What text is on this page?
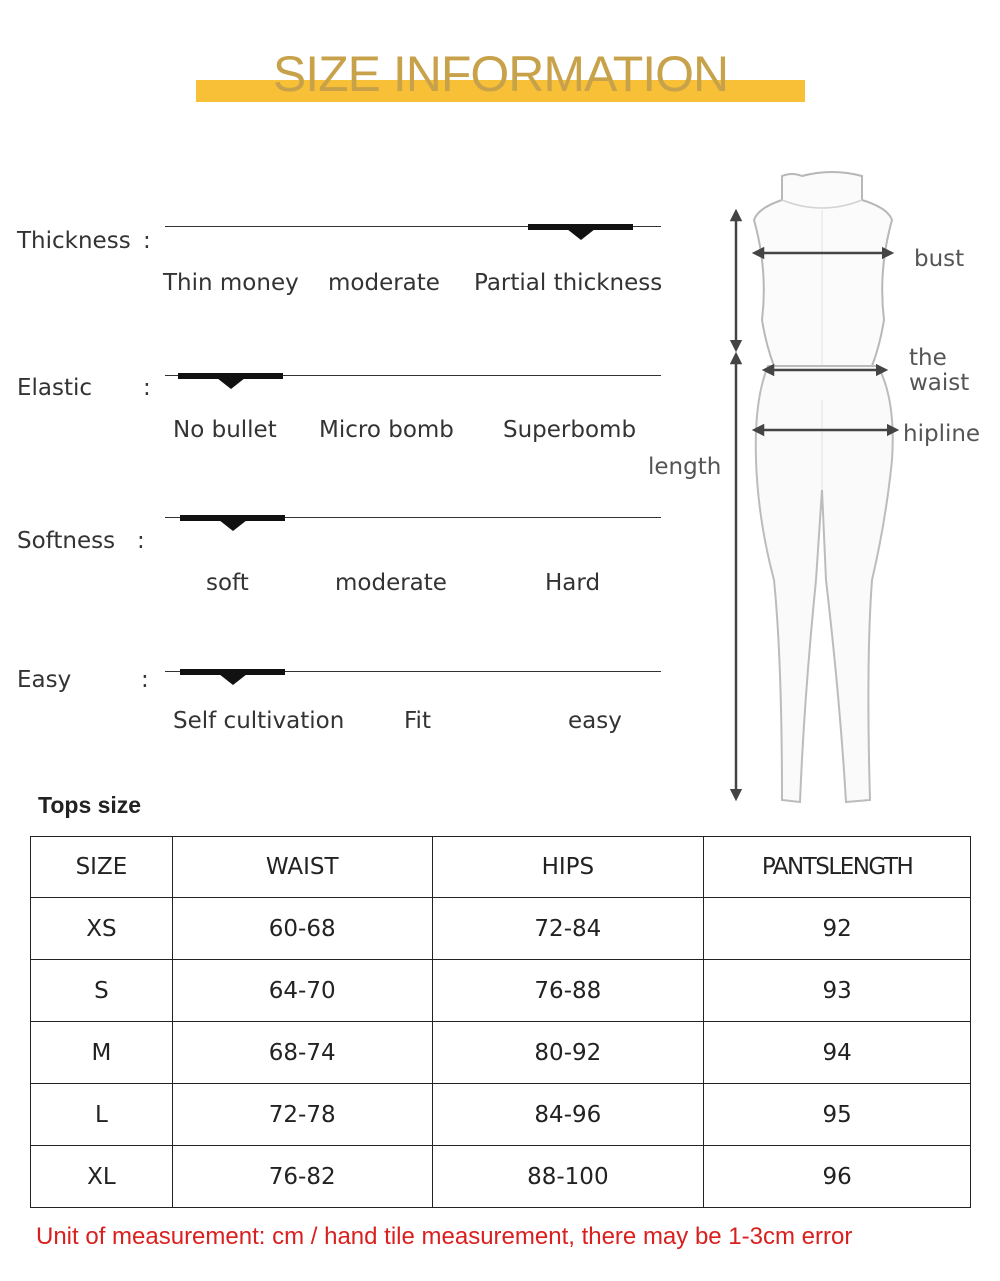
SIZE INFORMATION
Thickness :
Thin money moderate Partial thickness
Elastic :
No bullet Micro bomb Superbomb
Softness :
soft	moderate	Hard
Easy	:
Self cultivation	Fit	easy
bust
the
waist
hipline
length
Tops size
SIZE	WAIST	HIPS	PANTSLENGTH
XS	60-68	72-84	92
S	64-70	76-88	93
M	68-74	80-92	94
L	72-78	84-96	95
XL	76-82	88-100	96
Unit of measurement: cm / hand tile measurement, there may be 1-3cm error
